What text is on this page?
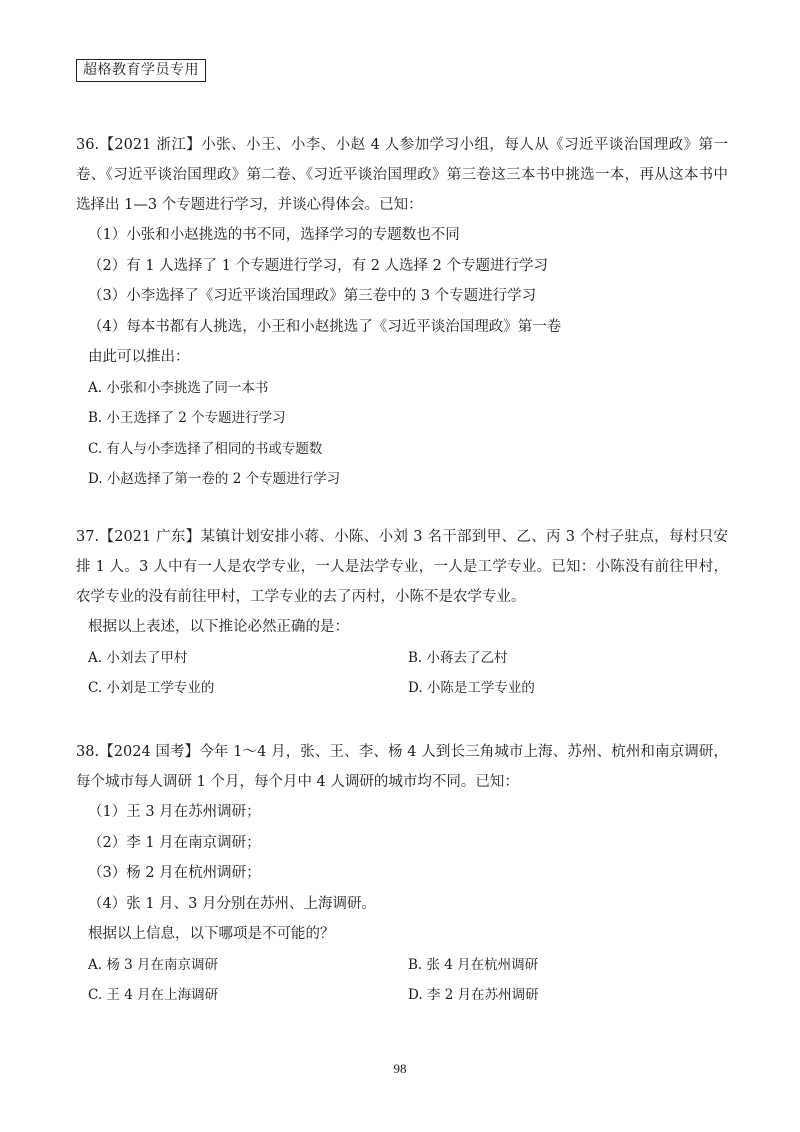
超格教育学员专用

36.【2021 浙江】小张、小王、小李、小赵 4 人参加学习小组，每人从《习近平谈治国理政》第一卷、《习近平谈治国理政》第二卷、《习近平谈治国理政》第三卷这三本书中挑选一本，再从这本书中选择出 1—3 个专题进行学习，并谈心得体会。已知：

（1）小张和小赵挑选的书不同，选择学习的专题数也不同

（2）有 1 人选择了 1 个专题进行学习，有 2 人选择 2 个专题进行学习

（3）小李选择了《习近平谈治国理政》第三卷中的 3 个专题进行学习

（4）每本书都有人挑选，小王和小赵挑选了《习近平谈治国理政》第一卷

由此可以推出：

A. 小张和小李挑选了同一本书

B. 小王选择了 2 个专题进行学习

C. 有人与小李选择了相同的书或专题数

D. 小赵选择了第一卷的 2 个专题进行学习

37.【2021 广东】某镇计划安排小蒋、小陈、小刘 3 名干部到甲、乙、丙 3 个村子驻点，每村只安排 1 人。3 人中有一人是农学专业，一人是法学专业，一人是工学专业。已知：小陈没有前往甲村，农学专业的没有前往甲村，工学专业的去了丙村，小陈不是农学专业。

根据以上表述，以下推论必然正确的是：

A. 小刘去了甲村	B. 小蒋去了乙村

C. 小刘是工学专业的	D. 小陈是工学专业的

38.【2024 国考】今年 1～4 月，张、王、李、杨 4 人到长三角城市上海、苏州、杭州和南京调研，每个城市每人调研 1 个月，每个月中 4 人调研的城市均不同。已知：

（1）王 3 月在苏州调研；

（2）李 1 月在南京调研；

（3）杨 2 月在杭州调研；

（4）张 1 月、3 月分别在苏州、上海调研。

根据以上信息，以下哪项是不可能的？

A. 杨 3 月在南京调研	B. 张 4 月在杭州调研

C. 王 4 月在上海调研	D. 李 2 月在苏州调研

98
